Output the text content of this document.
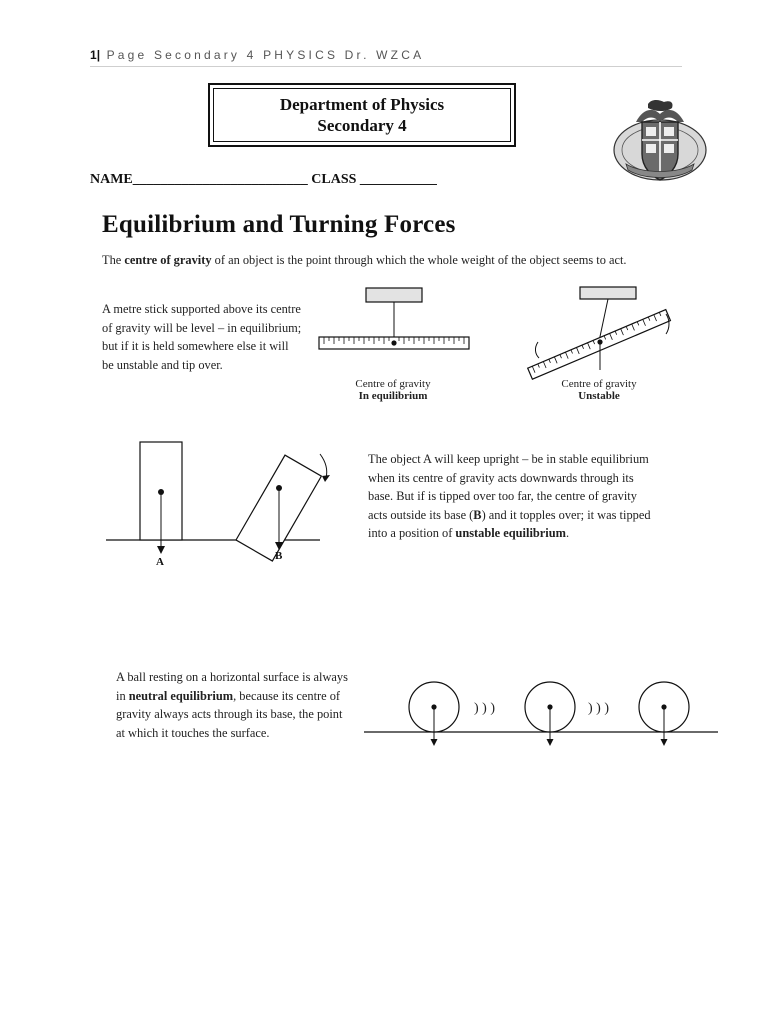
1| Page Secondary 4 PHYSICS Dr. WZCA
Department of Physics
Secondary 4
NAME_________________________ CLASS ___________
Equilibrium and Turning Forces
The centre of gravity of an object is the point through which the whole weight of the object seems to act.
A metre stick supported above its centre of gravity will be level – in equilibrium; but if it is held somewhere else it will be unstable and tip over.
Centre of gravity
In equilibrium
Centre of gravity
Unstable
A	B
The object A will keep upright – be in stable equilibrium when its centre of gravity acts downwards through its base. But if is tipped over too far, the centre of gravity acts outside its base (B) and it topples over; it was tipped into a position of unstable equilibrium.
A ball resting on a horizontal surface is always in neutral equilibrium, because its centre of gravity always acts through its base, the point at which it touches the surface.
) ) )	) ) )
